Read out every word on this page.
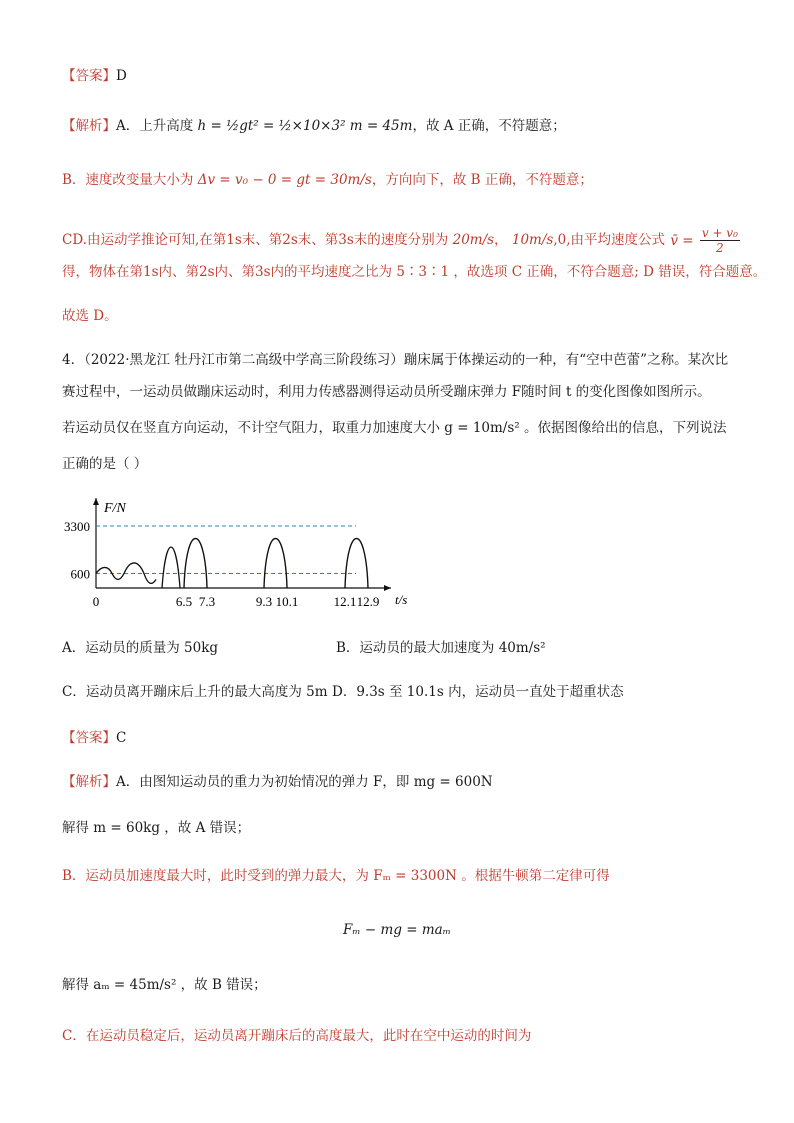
【答案】D
【解析】A．上升高度 h = ½gt² = ½×10×3² m = 45m，故 A 正确，不符题意；
B．速度改变量大小为 Δv = v₀ − 0 = gt = 30m/s，方向向下，故 B 正确，不符题意；
CD.由运动学推论可知,在第1s末、第2s末、第3s末的速度分别为 20m/s， 10m/s,0,由平均速度公式 v̄ = $\frac{\text{v + v₀}}{2}$
得，物体在第1s内、第2s内、第3s内的平均速度之比为 5∶3∶1 ，故选项 C 正确，不符合题意; D 错误，符合题意。
故选 D。
4．（2022·黑龙江 牡丹江市第二高级中学高三阶段练习）蹦床属于体操运动的一种，有“空中芭蕾”之称。某次比
赛过程中，一运动员做蹦床运动时，利用力传感器测得运动员所受蹦床弹力 F随时间 t 的变化图像如图所示。
若运动员仅在竖直方向运动，不计空气阻力，取重力加速度大小 g = 10m/s² 。依据图像给出的信息，下列说法
正确的是（ ）
F/N
t/s
3300
600
0	6.5 7.3	9.3 10.1	12.1 12.9
A．运动员的质量为 50kg	B．运动员的最大加速度为 40m/s²
C．运动员离开蹦床后上升的最大高度为 5m D．9.3s 至 10.1s 内，运动员一直处于超重状态
【答案】C
【解析】A．由图知运动员的重力为初始情况的弹力 F，即 mg = 600N
解得 m = 60kg ，故 A 错误；
B．运动员加速度最大时，此时受到的弹力最大，为 Fₘ = 3300N 。根据牛顿第二定律可得
Fₘ − mg = maₘ
解得 aₘ = 45m/s² ，故 B 错误；
C．在运动员稳定后，运动员离开蹦床后的高度最大，此时在空中运动的时间为
